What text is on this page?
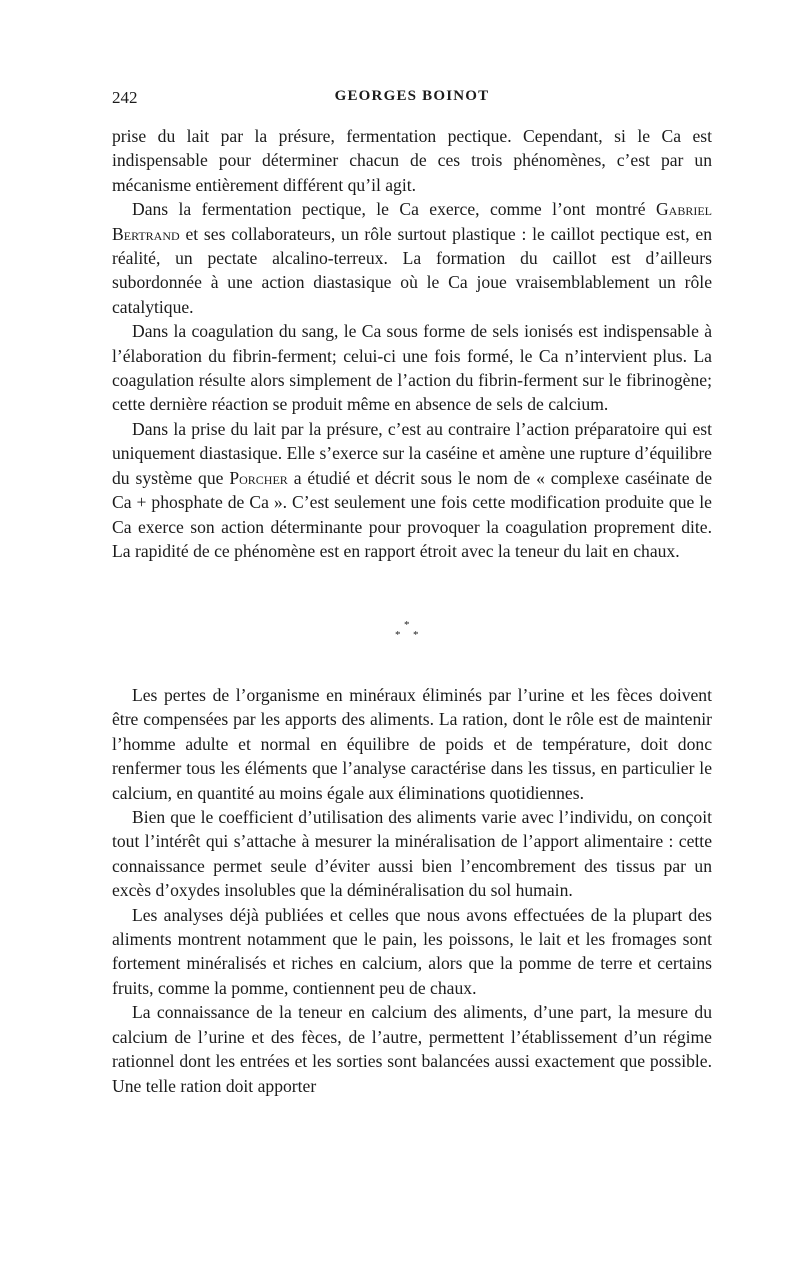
242	GEORGES BOINOT

prise du lait par la présure, fermentation pectique. Cependant, si le Ca est indispensable pour déterminer chacun de ces trois phénomènes, c’est par un mécanisme entièrement différent qu’il agit.

Dans la fermentation pectique, le Ca exerce, comme l’ont montré Gabriel Bertrand et ses collaborateurs, un rôle surtout plastique : le caillot pectique est, en réalité, un pectate alcalino-terreux. La formation du caillot est d’ailleurs subordonnée à une action diastasique où le Ca joue vraisemblablement un rôle catalytique.

Dans la coagulation du sang, le Ca sous forme de sels ionisés est indispensable à l’élaboration du fibrin-ferment; celui-ci une fois formé, le Ca n’intervient plus. La coagulation résulte alors simplement de l’action du fibrin-ferment sur le fibrinogène; cette dernière réaction se produit même en absence de sels de calcium.

Dans la prise du lait par la présure, c’est au contraire l’action préparatoire qui est uniquement diastasique. Elle s’exerce sur la caséine et amène une rupture d’équilibre du système que Porcher a étudié et décrit sous le nom de « complexe caséinate de Ca + phosphate de Ca ». C’est seulement une fois cette modification produite que le Ca exerce son action déterminante pour provoquer la coagulation proprement dite. La rapidité de ce phénomène est en rapport étroit avec la teneur du lait en chaux.

*
* *

Les pertes de l’organisme en minéraux éliminés par l’urine et les fèces doivent être compensées par les apports des aliments. La ration, dont le rôle est de maintenir l’homme adulte et normal en équilibre de poids et de température, doit donc renfermer tous les éléments que l’analyse caractérise dans les tissus, en particulier le calcium, en quantité au moins égale aux éliminations quotidiennes.

Bien que le coefficient d’utilisation des aliments varie avec l’individu, on conçoit tout l’intérêt qui s’attache à mesurer la minéralisation de l’apport alimentaire : cette connaissance permet seule d’éviter aussi bien l’encombrement des tissus par un excès d’oxydes insolubles que la déminéralisation du sol humain.

Les analyses déjà publiées et celles que nous avons effectuées de la plupart des aliments montrent notamment que le pain, les poissons, le lait et les fromages sont fortement minéralisés et riches en calcium, alors que la pomme de terre et certains fruits, comme la pomme, contiennent peu de chaux.

La connaissance de la teneur en calcium des aliments, d’une part, la mesure du calcium de l’urine et des fèces, de l’autre, permettent l’établissement d’un régime rationnel dont les entrées et les sorties sont balancées aussi exactement que possible. Une telle ration doit apporter
